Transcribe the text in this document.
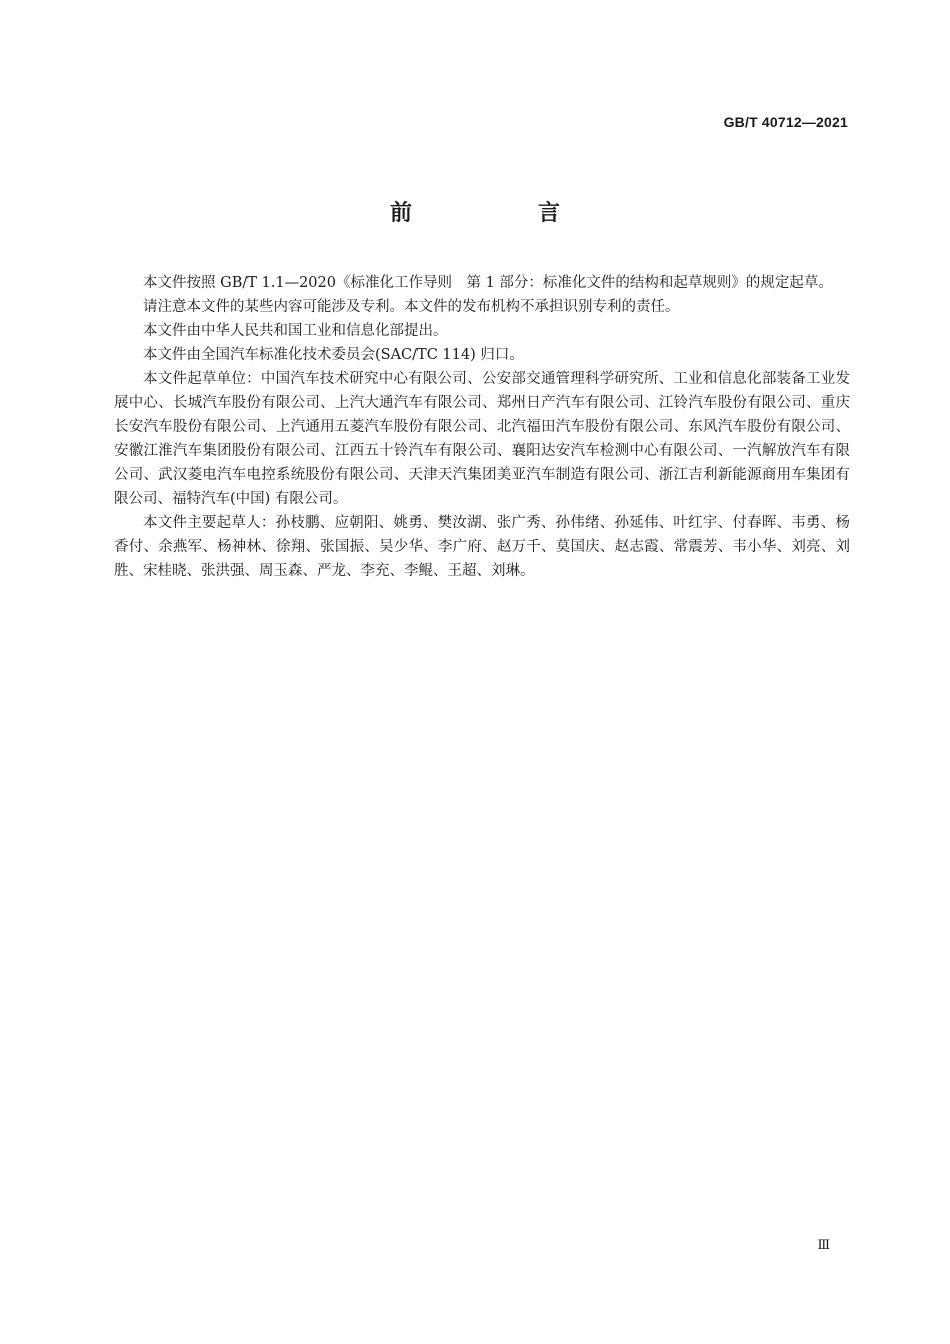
GB/T 40712—2021
前　言

本文件按照 GB/T 1.1—2020《标准化工作导则　第 1 部分：标准化文件的结构和起草规则》的规定起草。

请注意本文件的某些内容可能涉及专利。本文件的发布机构不承担识别专利的责任。

本文件由中华人民共和国工业和信息化部提出。

本文件由全国汽车标准化技术委员会(SAC/TC 114) 归口。

本文件起草单位：中国汽车技术研究中心有限公司、公安部交通管理科学研究所、工业和信息化部装备工业发展中心、长城汽车股份有限公司、上汽大通汽车有限公司、郑州日产汽车有限公司、江铃汽车股份有限公司、重庆长安汽车股份有限公司、上汽通用五菱汽车股份有限公司、北汽福田汽车股份有限公司、东风汽车股份有限公司、安徽江淮汽车集团股份有限公司、江西五十铃汽车有限公司、襄阳达安汽车检测中心有限公司、一汽解放汽车有限公司、武汉菱电汽车电控系统股份有限公司、天津天汽集团美亚汽车制造有限公司、浙江吉利新能源商用车集团有限公司、福特汽车(中国) 有限公司。

本文件主要起草人：孙枝鹏、应朝阳、姚勇、樊汝湖、张广秀、孙伟绪、孙延伟、叶红宇、付春晖、韦勇、杨香付、余燕军、杨神林、徐翔、张国振、吴少华、李广府、赵万千、莫国庆、赵志霞、常震芳、韦小华、刘亮、刘胜、宋桂晓、张洪强、周玉森、严龙、李充、李鲲、王超、刘琳。

Ⅲ
